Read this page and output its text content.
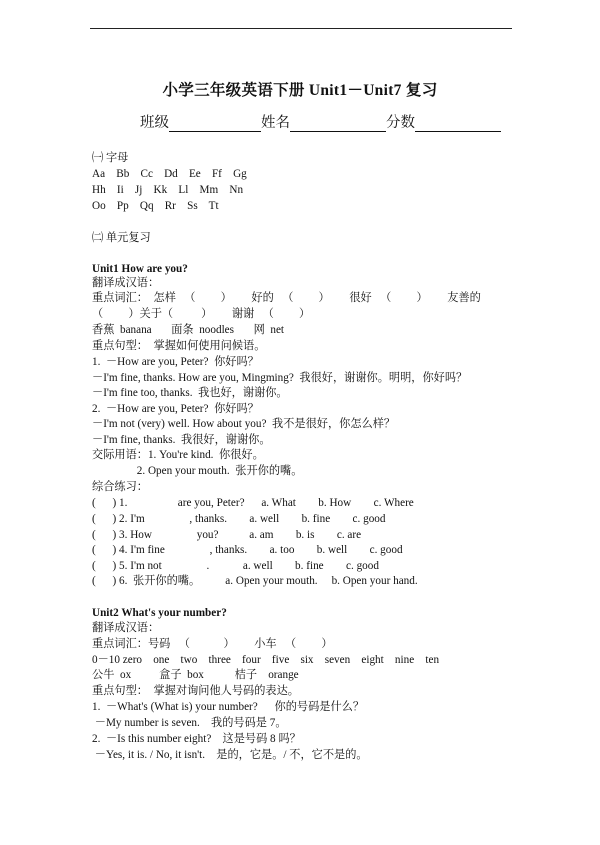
小学三年级英语下册 Unit1－Unit7 复习
班级	姓名	分数
㈠ 字母
Aa    Bb    Cc    Dd    Ee    Ff    Gg
Hh    Ii    Jj    Kk    Ll    Mm    Nn
Oo    Pp    Qq    Rr    Ss    Tt
㈡ 单元复习
Unit1 How are you?
翻译成汉语：
重点词汇：  怎样   （         ）       好的   （         ）       很好   （         ）       友善的
（         ）关于（          ）       谢谢   （         ）
香蕉  banana       面条  noodles       网  net
重点句型：  掌握如何使用问候语。
1.  －How are you, Peter?  你好吗？
－I'm fine, thanks. How are you, Mingming?  我很好，谢谢你。明明，你好吗？
－I'm fine too, thanks.  我也好，谢谢你。
2.  －How are you, Peter?  你好吗？
－I'm not (very) well. How about you?  我不是很好，你怎么样？
－I'm fine, thanks.  我很好，谢谢你。
交际用语：1. You're kind.  你很好。
2. Open your mouth.  张开你的嘴。
综合练习：
(      ) 1.                  are you, Peter?      a. What        b. How        c. Where
(      ) 2. I'm                , thanks.        a. well        b. fine        c. good
(      ) 3. How                you?           a. am        b. is        c. are
(      ) 4. I'm fine                , thanks.        a. too        b. well        c. good
(      ) 5. I'm not                .            a. well        b. fine        c. good
(      ) 6.  张开你的嘴。         a. Open your mouth.     b. Open your hand.
Unit2 What's your number?
翻译成汉语：
重点词汇：号码   （            ）       小车   （         ）
0－10 zero    one    two    three    four    five    six    seven    eight    nine    ten
公牛  ox          盒子  box           桔子    orange
重点句型：  掌握对询问他人号码的表达。
1.  －What's (What is) your number?      你的号码是什么？
－My number is seven.    我的号码是 7。
2.  －Is this number eight?    这是号码 8 吗？
－Yes, it is. / No, it isn't.    是的，它是。/ 不，它不是的。
